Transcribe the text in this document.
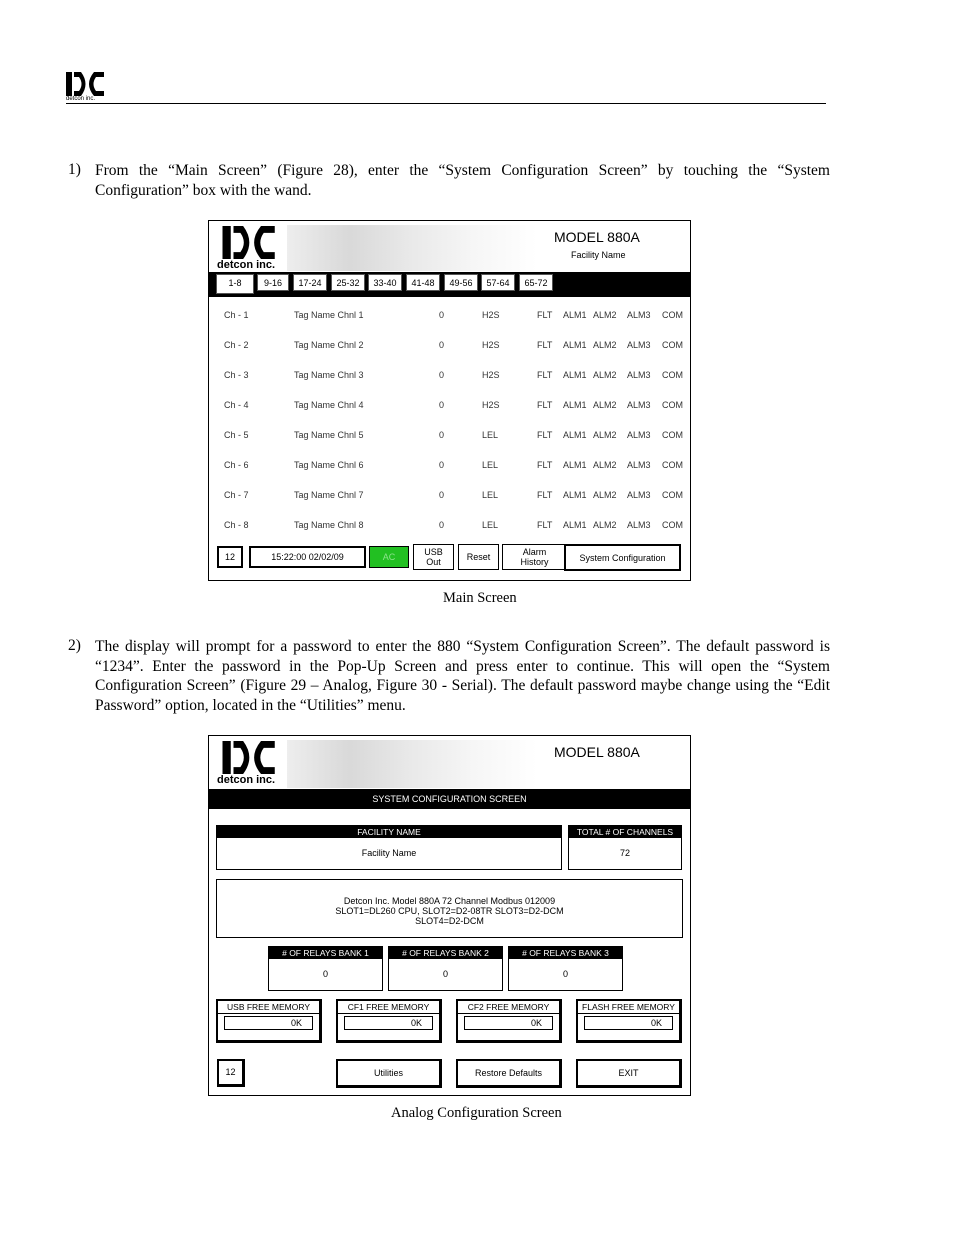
detcon inc.
1) From the “Main Screen” (Figure 28), enter the “System Configuration Screen” by touching the “System Configuration” box with the wand.
detcon inc.
MODEL 880A
Facility Name
1-8	9-16	17-24	25-32	33-40	41-48	49-56	57-64	65-72
Ch - 1	Tag Name Chnl 1	0	H2S	FLT ALM1 ALM2 ALM3 COM
Ch - 2	Tag Name Chnl 2	0	H2S	FLT ALM1 ALM2 ALM3 COM
Ch - 3	Tag Name Chnl 3	0	H2S	FLT ALM1 ALM2 ALM3 COM
Ch - 4	Tag Name Chnl 4	0	H2S	FLT ALM1 ALM2 ALM3 COM
Ch - 5	Tag Name Chnl 5	0	LEL	FLT ALM1 ALM2 ALM3 COM
Ch - 6	Tag Name Chnl 6	0	LEL	FLT ALM1 ALM2 ALM3 COM
Ch - 7	Tag Name Chnl 7	0	LEL	FLT ALM1 ALM2 ALM3 COM
Ch - 8	Tag Name Chnl 8	0	LEL	FLT ALM1 ALM2 ALM3 COM
12	15:22:00 02/02/09	AC	USB
Out	Reset	Alarm
History	System Configuration
Main Screen
2) The display will prompt for a password to enter the 880 “System Configuration Screen”. The default password is “1234”. Enter the password in the Pop-Up Screen and press enter to continue. This will open the “System Configuration Screen” (Figure 29 – Analog, Figure 30 - Serial). The default password maybe change using the “Edit Password” option, located in the “Utilities” menu.
detcon inc.
MODEL 880A
SYSTEM CONFIGURATION SCREEN
FACILITY NAME
Facility Name
TOTAL # OF CHANNELS
72
Detcon Inc. Model 880A 72 Channel Modbus 012009
SLOT1=DL260 CPU, SLOT2=D2-08TR SLOT3=D2-DCM
SLOT4=D2-DCM
# OF RELAYS BANK 1
0
# OF RELAYS BANK 2
0
# OF RELAYS BANK 3
0
USB FREE MEMORY
0K
CF1 FREE MEMORY
0K
CF2 FREE MEMORY
0K
FLASH FREE MEMORY
0K
12	Utilities	Restore Defaults	EXIT
Analog Configuration Screen
